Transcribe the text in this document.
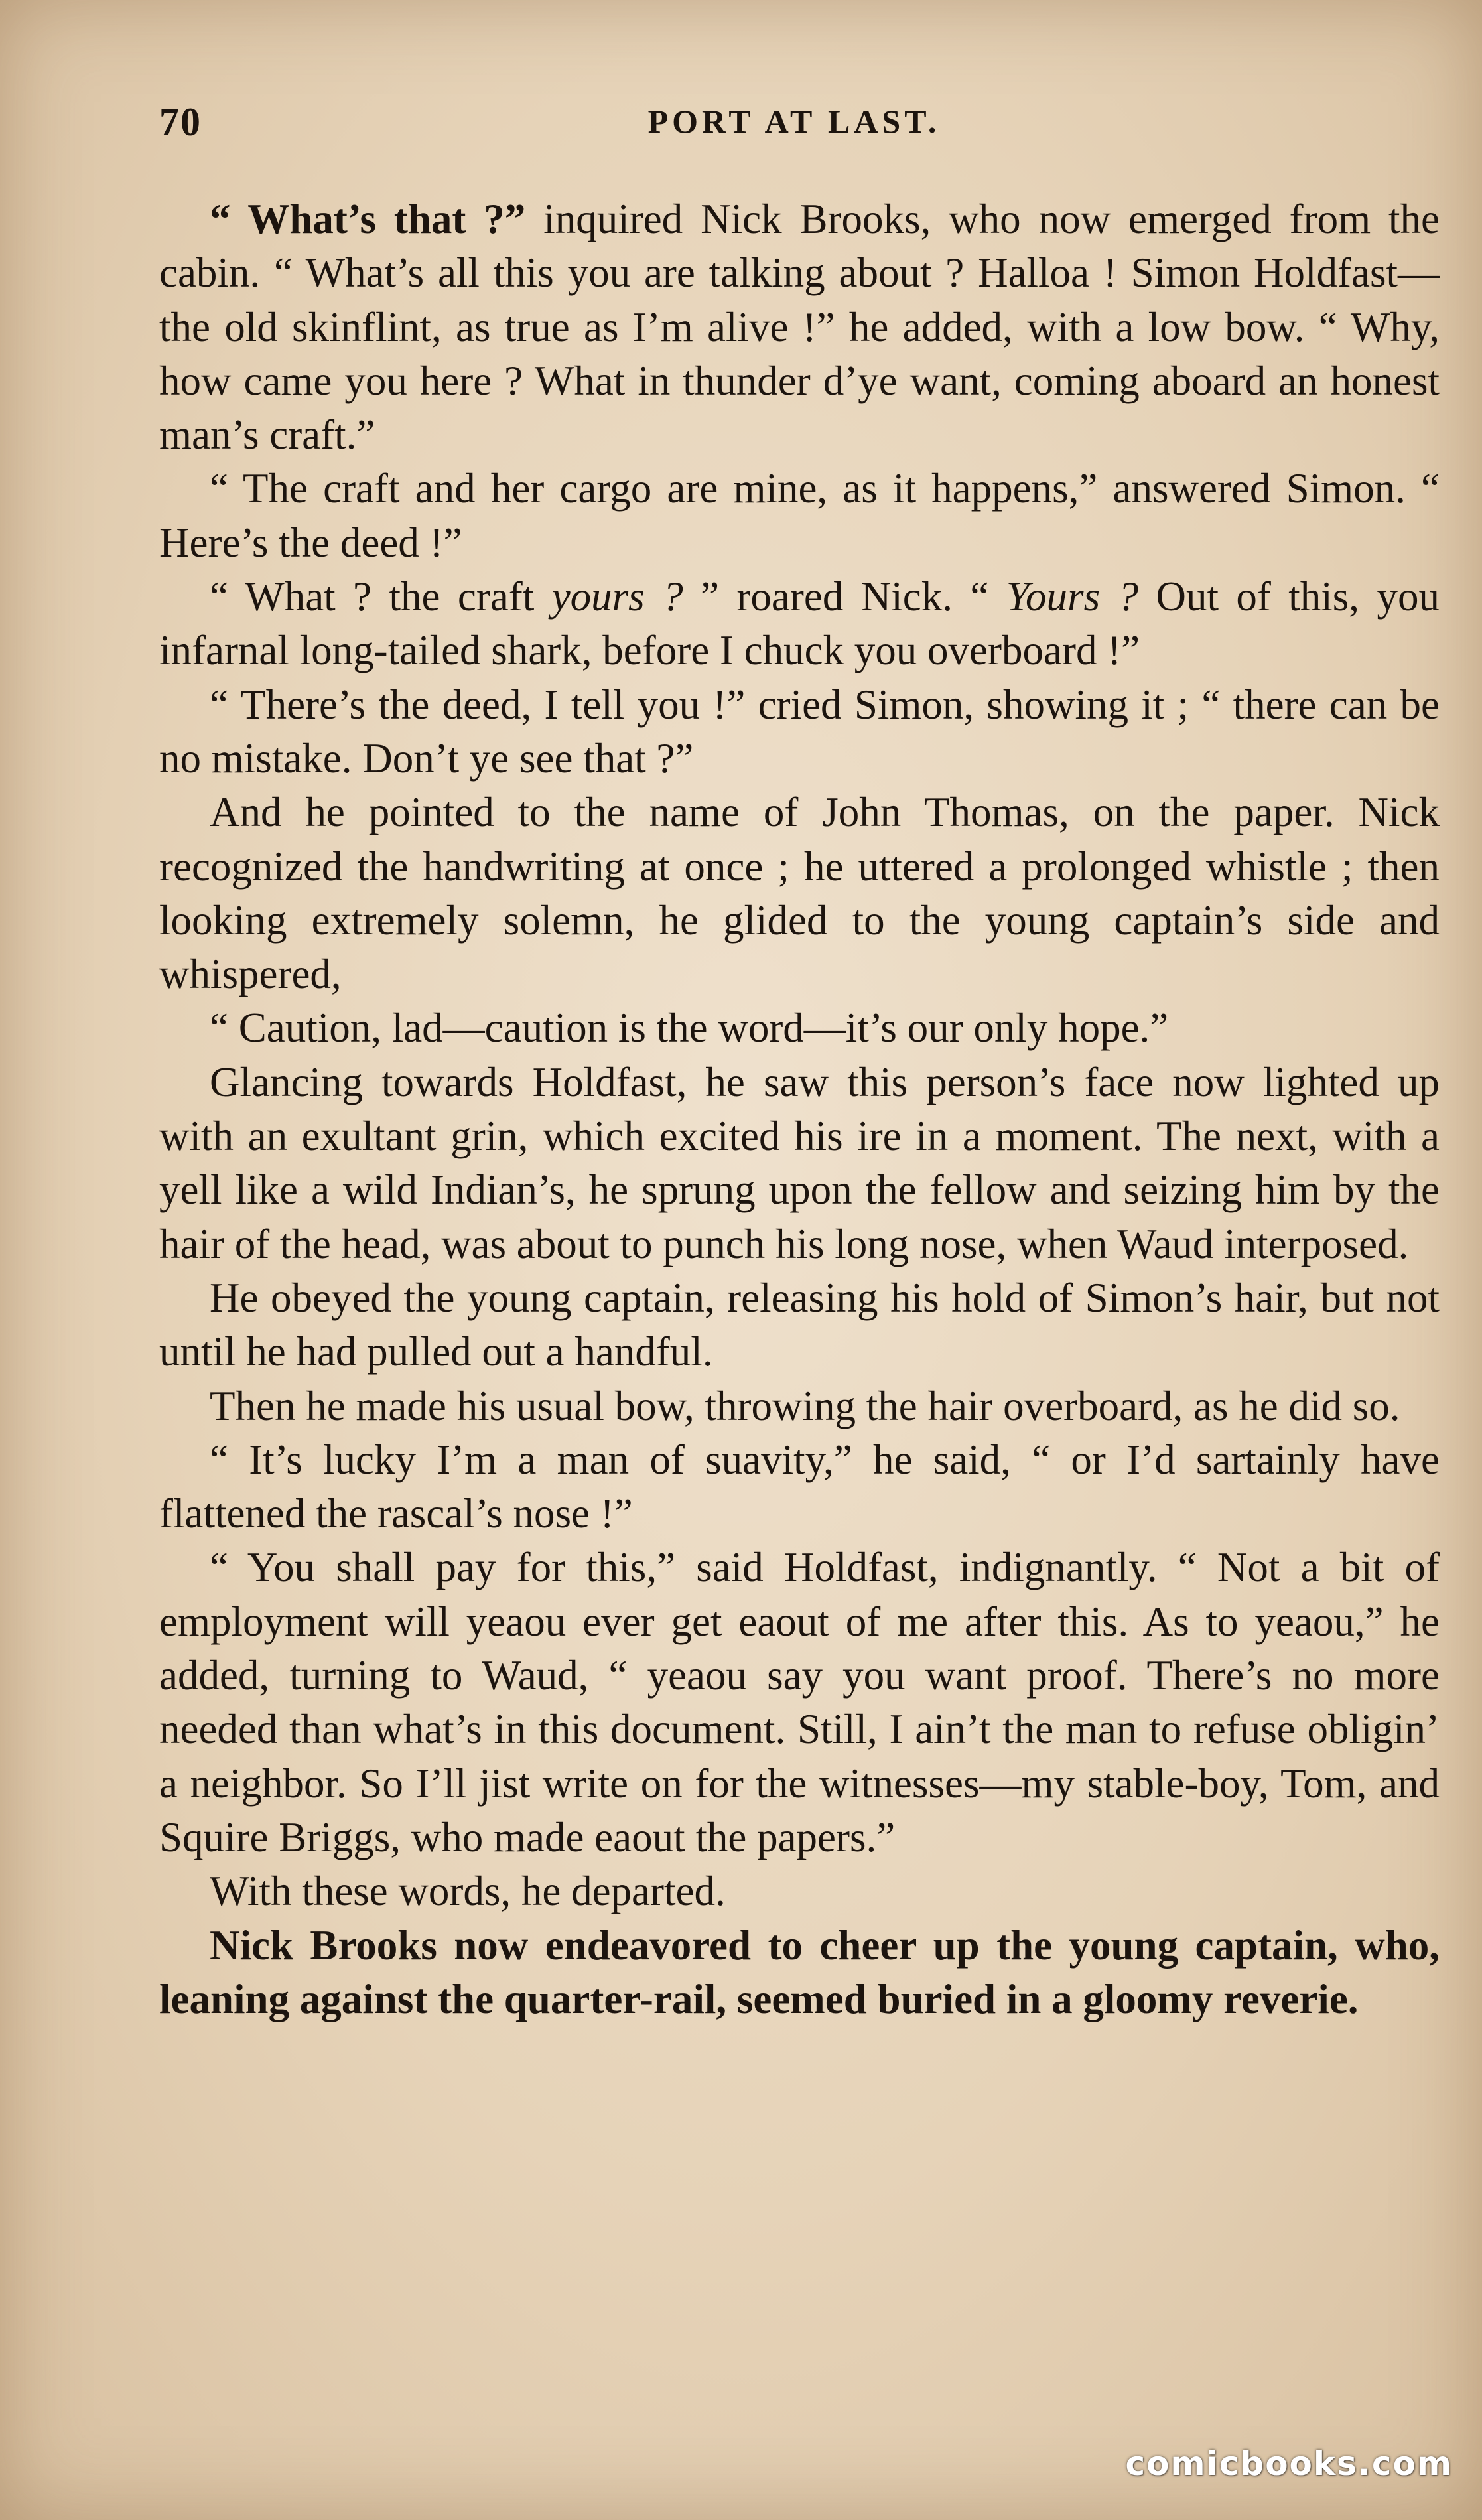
70	PORT AT LAST.

“ What’s that ?” inquired Nick Brooks, who now emerged from the cabin. “ What’s all this you are talking about ? Halloa ! Simon Holdfast—the old skinflint, as true as I’m alive !” he added, with a low bow. “ Why, how came you here ? What in thunder d’ye want, coming aboard an honest man’s craft.”

“ The craft and her cargo are mine, as it happens,” answered Simon. “ Here’s the deed !”

“ What ? the craft yours ? ” roared Nick. “ Yours ? Out of this, you infarnal long-tailed shark, before I chuck you overboard !”

“ There’s the deed, I tell you !” cried Simon, showing it ; “ there can be no mistake. Don’t ye see that ?”

And he pointed to the name of John Thomas, on the paper. Nick recognized the handwriting at once ; he uttered a prolonged whistle ; then looking extremely solemn, he glided to the young captain’s side and whispered,

“ Caution, lad—caution is the word—it’s our only hope.”

Glancing towards Holdfast, he saw this person’s face now lighted up with an exultant grin, which excited his ire in a moment. The next, with a yell like a wild Indian’s, he sprung upon the fellow and seizing him by the hair of the head, was about to punch his long nose, when Waud interposed.

He obeyed the young captain, releasing his hold of Simon’s hair, but not until he had pulled out a handful.

Then he made his usual bow, throwing the hair overboard, as he did so.

“ It’s lucky I’m a man of suavity,” he said, “ or I’d sartainly have flattened the rascal’s nose !”

“ You shall pay for this,” said Holdfast, indignantly. “ Not a bit of employment will yeaou ever get eaout of me after this. As to yeaou,” he added, turning to Waud, “ yeaou say you want proof. There’s no more needed than what’s in this document. Still, I ain’t the man to refuse obligin’ a neighbor. So I’ll jist write on for the witnesses—my stable-boy, Tom, and Squire Briggs, who made eaout the papers.”

With these words, he departed.

Nick Brooks now endeavored to cheer up the young captain, who, leaning against the quarter-rail, seemed buried in a gloomy reverie.

comicbooks.com
